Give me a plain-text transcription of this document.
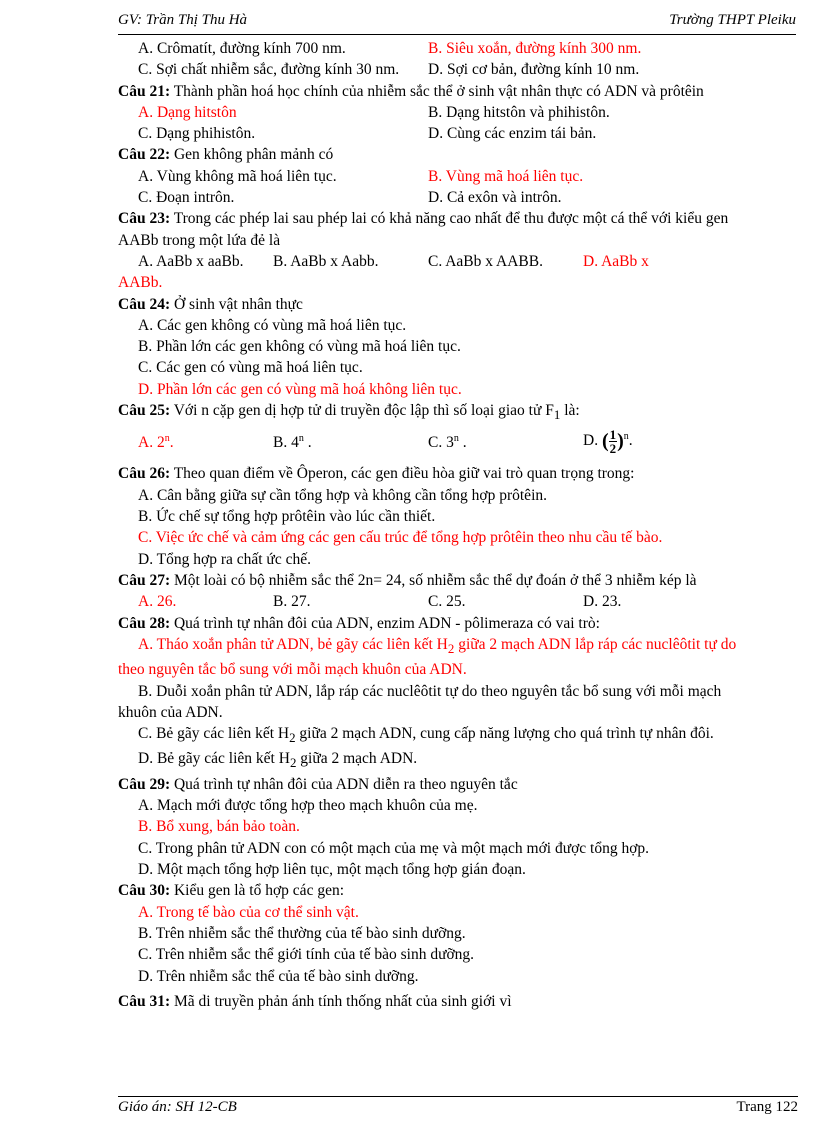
GV: Trần Thị Thu Hà	Trường THPT Pleiku
A. Crômatít, đường kính 700 nm.	B. Siêu xoắn, đường kính 300 nm.
C. Sợi chất nhiễm sắc, đường kính 30 nm.	D. Sợi cơ bản, đường kính 10 nm.
Câu 21: Thành phần hoá học chính của nhiễm sắc thể ở sinh vật nhân thực có ADN và prôtêin
A. Dạng hitstôn	B. Dạng hitstôn và phihistôn.
C. Dạng phihistôn.	D. Cùng các enzim tái bản.
Câu 22: Gen không phân mảnh có
A. Vùng không mã hoá liên tục.	B. Vùng mã hoá liên tục.
C. Đoạn intrôn.	D. Cả exôn và intrôn.
Câu 23: Trong các phép lai sau phép lai có khả năng cao nhất để thu được một cá thể với kiểu gen AABb trong một lứa đẻ là
A. AaBb x aaBb.	B. AaBb x Aabb.	C. AaBb x AABB.	D. AaBb x
AABb.
Câu 24: Ở sinh vật nhân thực
A. Các gen không có vùng mã hoá liên tục.
B. Phần lớn các gen không có vùng mã hoá liên tục.
C. Các gen có vùng mã hoá liên tục.
D. Phần lớn các gen có vùng mã hoá không liên tục.
Câu 25: Với n cặp gen dị hợp tử di truyền độc lập thì số loại giao tử $F_1$ là:
A. 2$^n$.	B. 4$^n$ .	C. 3$^n$ .	D. ( $\frac{1}{2} )^n$.
Câu 26: Theo quan điểm về Ôperon, các gen điều hòa giữ vai trò quan trọng trong:
A. Cân bằng giữa sự cần tổng hợp và không cần tổng hợp prôtêin.
B. Ức chế sự tổng hợp prôtêin vào lúc cần thiết.
C. Việc ức chế và cảm ứng các gen cấu trúc để tổng hợp prôtêin theo nhu cầu tế bào.
D. Tổng hợp ra chất ức chế.
Câu 27: Một loài có bộ nhiễm sắc thể 2n= 24, số nhiễm sắc thể dự đoán ở thể 3 nhiễm kép là
A. 26.	B. 27.	C. 25.	D. 23.
Câu 28: Quá trình tự nhân đôi của ADN, enzim ADN - pôlimeraza có vai trò:
A. Tháo xoắn phân tử ADN, bẻ gãy các liên kết $H_2$ giữa 2 mạch ADN lắp ráp các nuclêôtit tự do theo nguyên tắc bổ sung với mỗi mạch khuôn của ADN.
B. Duỗi xoắn phân tử ADN, lắp ráp các nuclêôtit tự do theo nguyên tắc bổ sung với mỗi mạch khuôn của ADN.
C. Bẻ gãy các liên kết $H_2$ giữa 2 mạch ADN, cung cấp năng lượng cho quá trình tự nhân đôi.
D. Bẻ gãy các liên kết $H_2$ giữa 2 mạch ADN.
Câu 29: Quá trình tự nhân đôi của ADN diễn ra theo nguyên tắc
A. Mạch mới được tổng hợp theo mạch khuôn của mẹ.
B. Bổ xung, bán bảo toàn.
C. Trong phân tử ADN con có một mạch của mẹ và một mạch mới được tổng hợp.
D. Một mạch tổng hợp liên tục, một mạch tổng hợp gián đoạn.
Câu 30: Kiểu gen là tổ hợp các gen:
A. Trong tế bào của cơ thể sinh vật.
B. Trên nhiễm sắc thể thường của tế bào sinh dưỡng.
C. Trên nhiễm sắc thể giới tính của tế bào sinh dưỡng.
D. Trên nhiễm sắc thể của tế bào sinh dưỡng.
Câu 31: Mã di truyền phản ánh tính thống nhất của sinh giới vì
Giáo án: SH 12-CB	Trang 122
